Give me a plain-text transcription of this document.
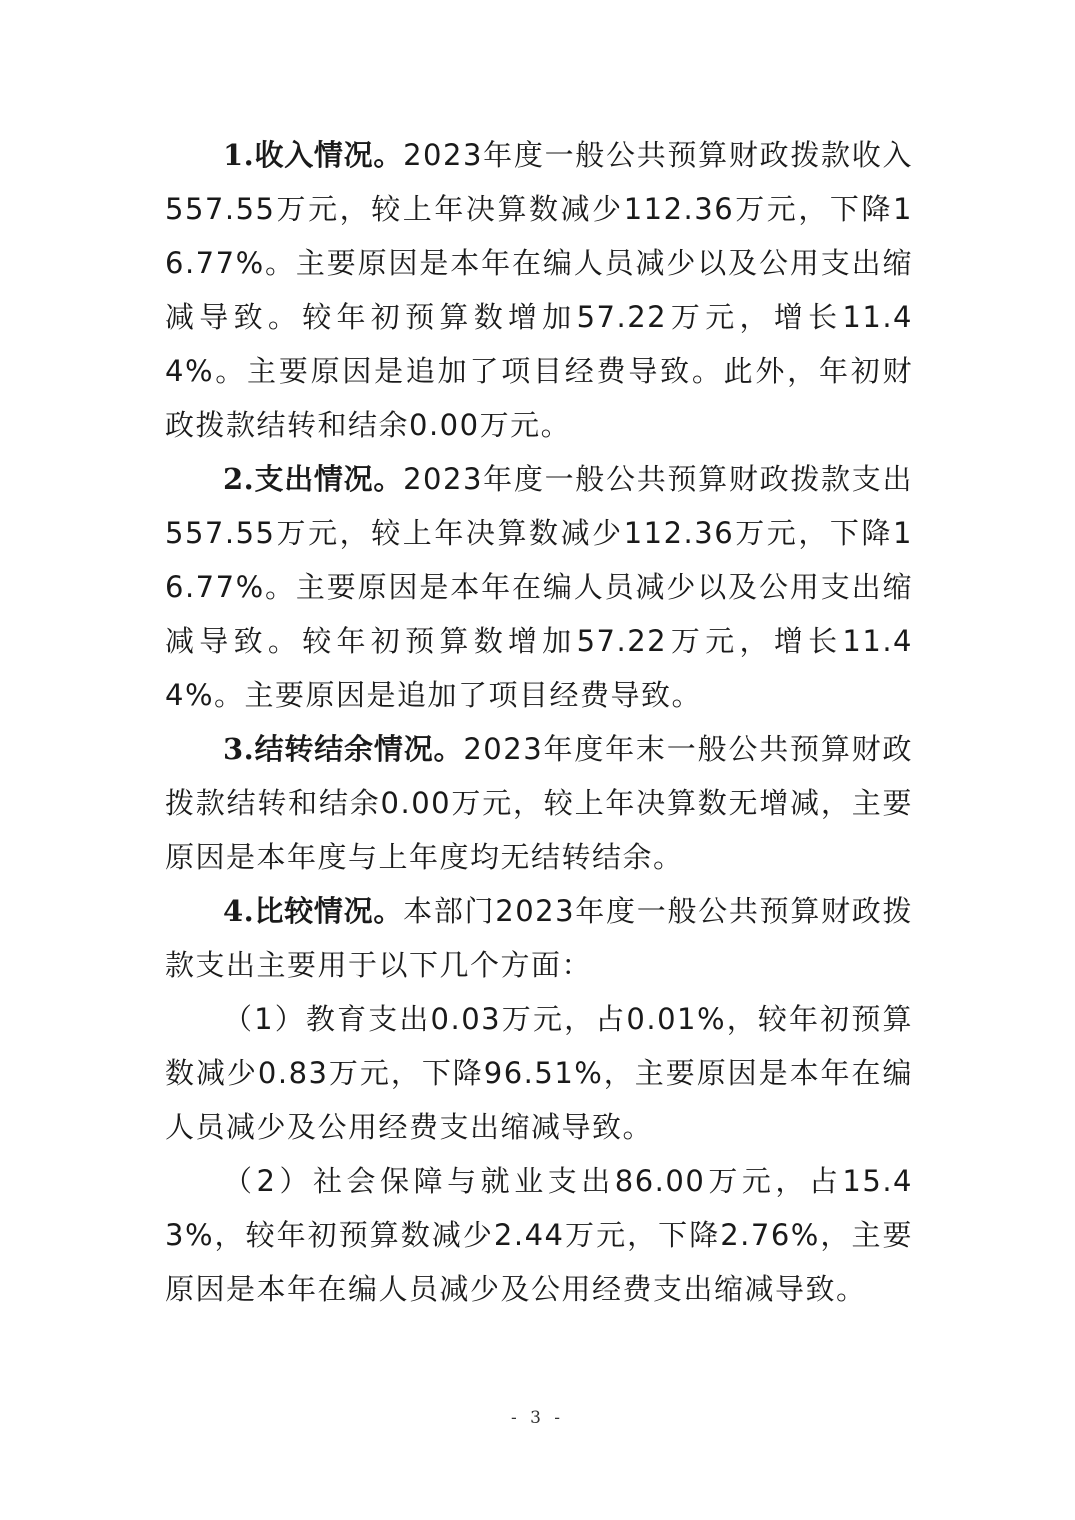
1.收入情况。2023年度一般公共预算财政拨款收入557.55万元，较上年决算数减少112.36万元，下降16.77%。主要原因是本年在编人员减少以及公用支出缩减导致。较年初预算数增加57.22万元，增长11.44%。主要原因是追加了项目经费导致。此外，年初财政拨款结转和结余0.00万元。

2.支出情况。2023年度一般公共预算财政拨款支出557.55万元，较上年决算数减少112.36万元，下降16.77%。主要原因是本年在编人员减少以及公用支出缩减导致。较年初预算数增加57.22万元，增长11.44%。主要原因是追加了项目经费导致。

3.结转结余情况。2023年度年末一般公共预算财政拨款结转和结余0.00万元，较上年决算数无增减，主要原因是本年度与上年度均无结转结余。

4.比较情况。本部门2023年度一般公共预算财政拨款支出主要用于以下几个方面：

（1）教育支出0.03万元，占0.01%，较年初预算数减少0.83万元，下降96.51%，主要原因是本年在编人员减少及公用经费支出缩减导致。

（2）社会保障与就业支出86.00万元，占15.43%，较年初预算数减少2.44万元，下降2.76%，主要原因是本年在编人员减少及公用经费支出缩减导致。

- 3 -
